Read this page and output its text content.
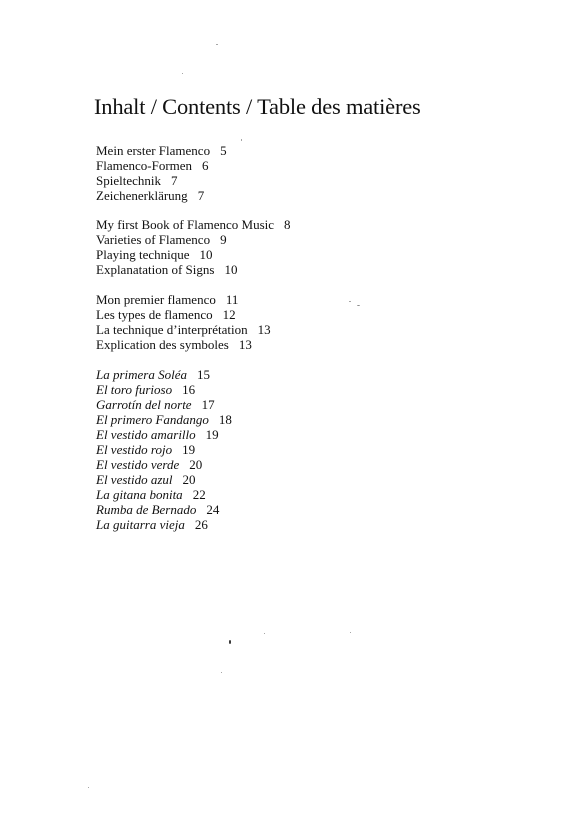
Inhalt / Contents / Table des matières
Mein erster Flamenco 5
Flamenco-Formen 6
Spieltechnik 7
Zeichenerklärung 7
My first Book of Flamenco Music 8
Varieties of Flamenco 9
Playing technique 10
Explanatation of Signs 10
Mon premier flamenco 11
Les types de flamenco 12
La technique d’interprétation 13
Explication des symboles 13
La primera Soléa 15
El toro furioso 16
Garrotín del norte 17
El primero Fandango 18
El vestido amarillo 19
El vestido rojo 19
El vestido verde 20
El vestido azul 20
La gitana bonita 22
Rumba de Bernado 24
La guitarra vieja 26
